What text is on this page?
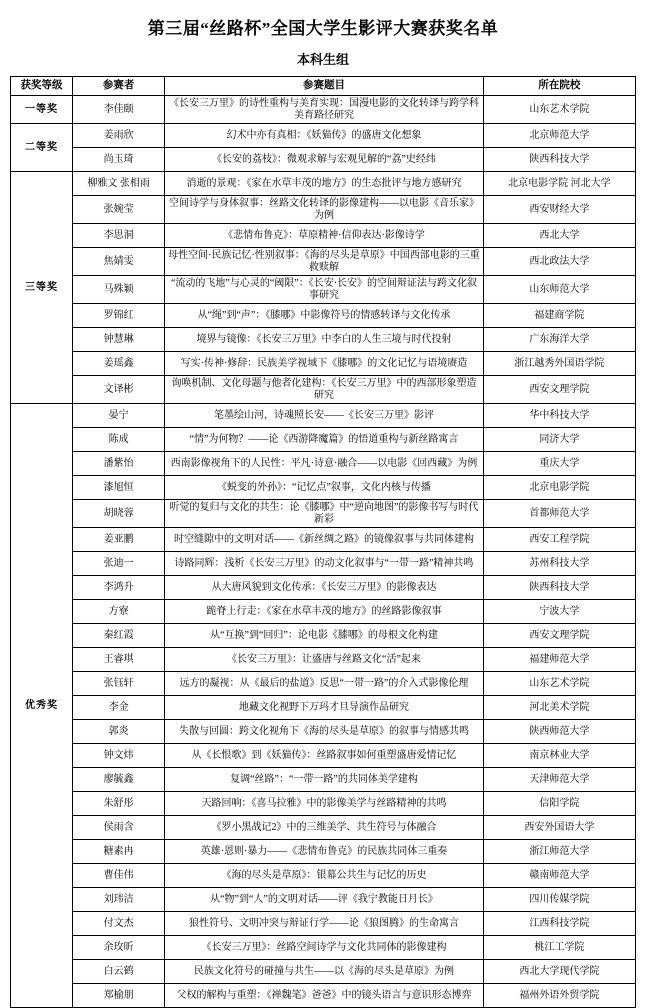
第三届“丝路杯”全国大学生影评大赛获奖名单
本科生组
获奖等级	参赛者	参赛题目	所在院校
一等奖	李佳颐	《长安三万里》的诗性重构与美育实现：国漫电影的文化转译与跨学科美育路径研究	山东艺术学院
二等奖	姜雨欣	幻术中亦有真相：《妖猫传》的盛唐文化想象	北京师范大学
	尚玉琦	《长安的荔枝》：微观求解与宏观见解的“荔”史经纬	陕西科技大学
三等奖	柳雅文 张相雨	消逝的景观：《家在水草丰茂的地方》的生态批评与地方感研究	北京电影学院 河北大学
	张婉莹	空间诗学与身体叙事：丝路文化转译的影像建构——以电影《音乐家》为例	西安财经大学
	李思洞	《悲情布鲁克》：草原精神·信仰表达·影像诗学	西北大学
	焦婧雯	母性空间·民族记忆·性别叙事：《海的尽头是草原》中国西部电影的三重救赎解	西北政法大学
	马殊颖	“流动的飞地”与心灵的“阈限”：《长安·长安》的空间辩证法与跨文化叙事研究	山东师范大学
	罗锦红	从“绳”到“声”：《膝哪》中影像符号的情感转译与文化传承	福建商学院
	钟慧琳	境界与镜像：《长安三万里》中李白的人生三境与时代投射	广东海洋大学
	姜瑶鑫	写实·传神·修辞：民族美学视域下《膝哪》的文化记忆与语境赓造	浙江越秀外国语学院
	文译彬	询唤机制、文化母题与他者化建构：《长安三万里》中的西部形象塑造研究	西安文理学院
优秀奖	晏宁	笔墨绘山河，诗魂照长安——《长安三万里》影评	华中科技大学
	陈成	“情”为何物？——论《西游降魔篇》的悟道重构与新丝路寓言	同济大学
	潘紫怡	西南影像视角下的人民性：平凡·诗意·融合——以电影《回西藏》为例	重庆大学
	漆旭恒	《蜕变的外孙》：“记忆点”叙事，文化内核与传播	北京电影学院
	胡晓蓉	听觉的复归与文化的共生：论《膝哪》中“逆向地图”的影像书写与时代新彩	首都师范大学
	姜亚鹏	时空缝隙中的文明对话——《新丝绸之路》的镜像叙事与共同体建构	西安工程学院
	张迪一	诗路同辉：浅析《长安三万里》的动文化叙事与“一带一路”精神共鸣	苏州科技大学
	李鸿升	从大唐风貌到文化传承：《长安三万里》的影像表达	陕西科技大学
	方寮	跪脊上行走：《家在水草丰茂的地方》的丝路影像叙事	宁波大学
	秦红霞	从“互换”到“回归”：论电影《膝哪》的母根文化构建	西安文理学院
	王睿琪	《长安三万里》：让盛唐与丝路文化“活”起来	福建师范大学
	张钰轩	远方的凝视：从《最后的盐道》反思“一带一路”的介入式影像伦理	山东艺术学院
	李金	地藏文化视野下万玛才旦导演作品研究	河北美术学院
	郭炎	失散与回圆：跨文化视角下《海的尽头是草原》的叙事与情感共鸣	陕西师范大学
	钟文炜	从《长恨歌》到《妖猫传》：丝路叙事如何重塑盛唐爱情记忆	南京林业大学
	廖毓鑫	复调“丝路”：“一带一路”的共同体美学建构	天津师范大学
	朱舒彤	天路回响：《喜马拉雅》中的影像美学与丝路精神的共鸣	信阳学院
	侯雨含	《罗小黑战记2》中的三维美学、共生符号与体融合	西安外国语大学
	糖素冉	英雄·恩则·暴力——《悲情布鲁克》的民族共同体三重奏	浙江师范大学
	曹佳伟	《海的尽头是草原》：银幕公共生与记忆的历史	赣南师范大学
	刘玮洁	从“物”到“人”的文明对话——评《我宁教能日月长》	四川传媒学院
	付文杰	狼性符号、文明冲突与辩证行学——论《狼图腾》的生命寓言	江西科技学院
	余玫昕	《长安三万里》：丝路空间诗学与文化共同体的影像建构	桃江工学院
	白云鹤	民族文化符号的碰撞与共生——以《海的尽头是草原》为例	西北大学现代学院
	郑榆朋	父权的解构与重塑：《禅魏笔》爸爸》中的镜头语言与意识形态博弈	福州外语外贸学院
